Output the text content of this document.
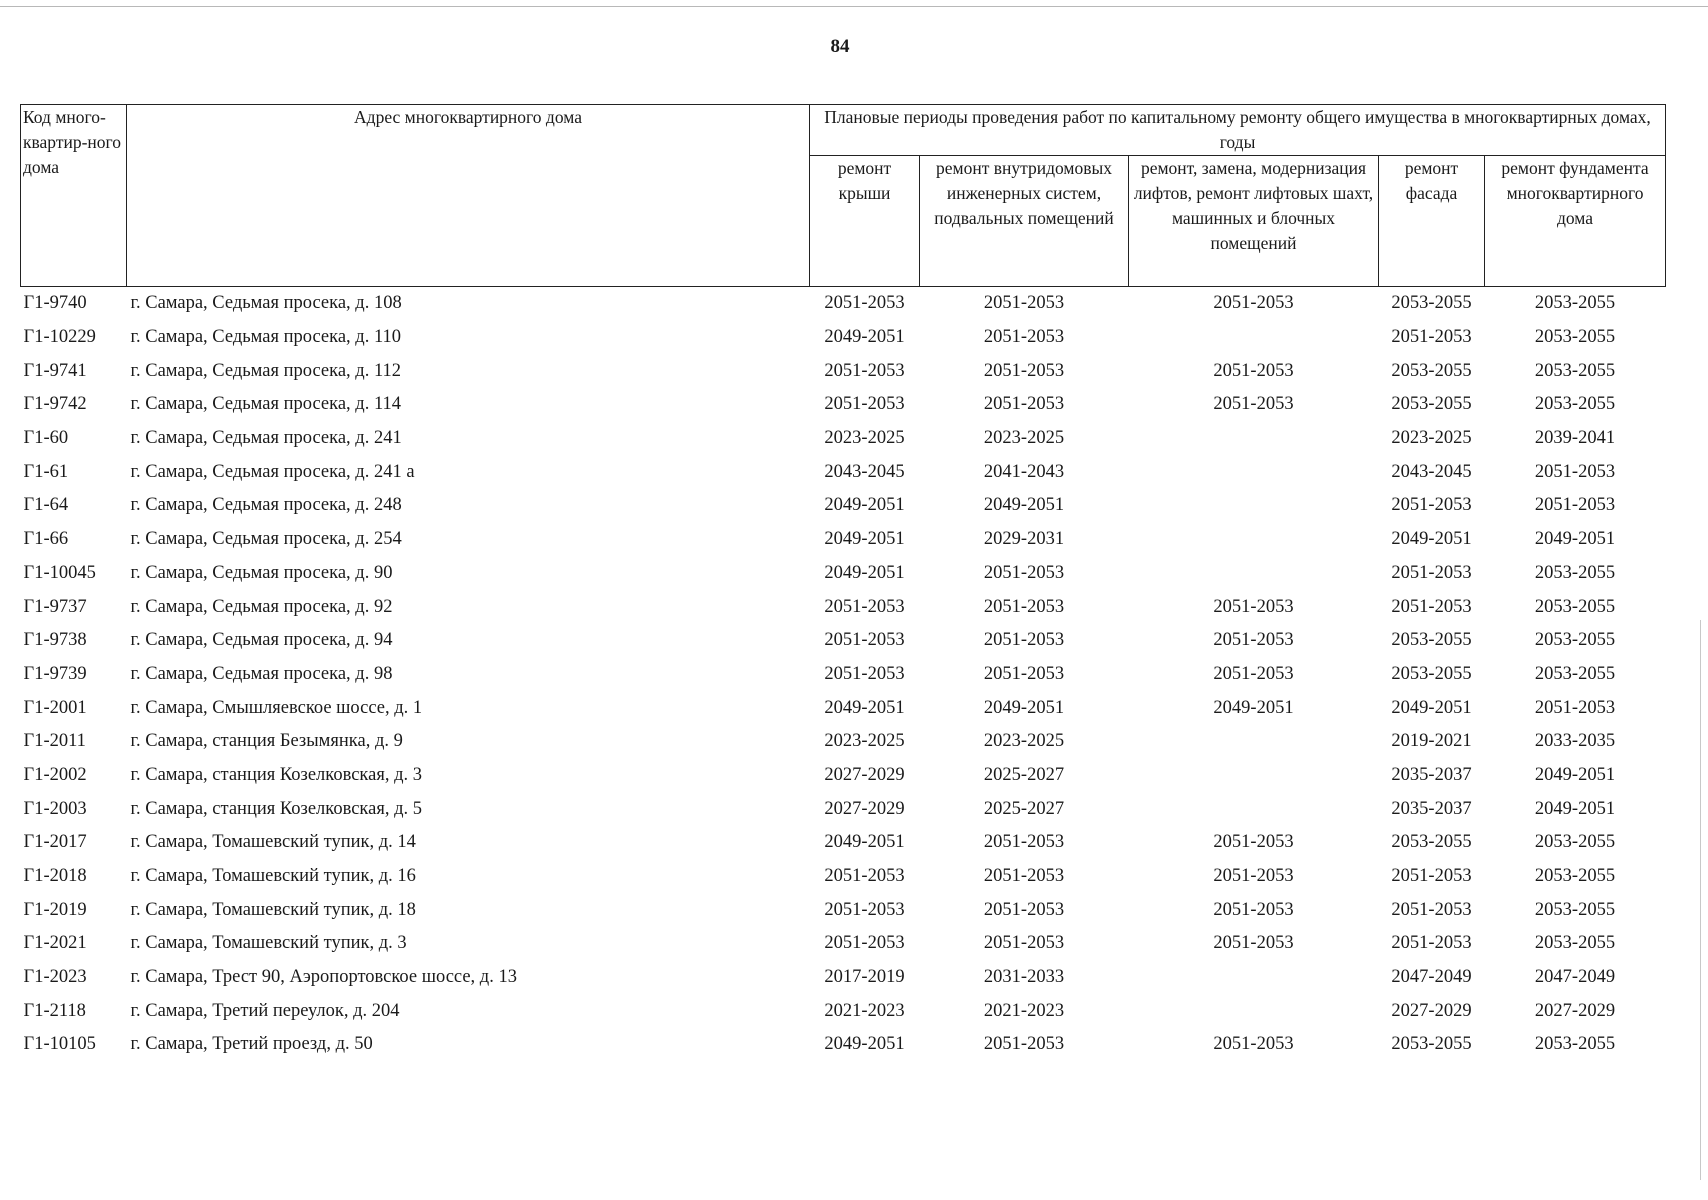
84
Код много-квартир-ного дома	Адрес многоквартирного дома	Плановые периоды проведения работ по капитальному ремонту общего имущества в многоквартирных домах, годы				
		ремонт крыши	ремонт внутридомовых инженерных систем, подвальных помещений	ремонт, замена, модернизация лифтов, ремонт лифтовых шахт, машинных и блочных помещений	ремонт фасада	ремонт фундамента многоквартирного дома
Г1-9740	г. Самара, Седьмая просека, д. 108	2051-2053	2051-2053	2051-2053	2053-2055	2053-2055
Г1-10229	г. Самара, Седьмая просека, д. 110	2049-2051	2051-2053		2051-2053	2053-2055
Г1-9741	г. Самара, Седьмая просека, д. 112	2051-2053	2051-2053	2051-2053	2053-2055	2053-2055
Г1-9742	г. Самара, Седьмая просека, д. 114	2051-2053	2051-2053	2051-2053	2053-2055	2053-2055
Г1-60	г. Самара, Седьмая просека, д. 241	2023-2025	2023-2025		2023-2025	2039-2041
Г1-61	г. Самара, Седьмая просека, д. 241 а	2043-2045	2041-2043		2043-2045	2051-2053
Г1-64	г. Самара, Седьмая просека, д. 248	2049-2051	2049-2051		2051-2053	2051-2053
Г1-66	г. Самара, Седьмая просека, д. 254	2049-2051	2029-2031		2049-2051	2049-2051
Г1-10045	г. Самара, Седьмая просека, д. 90	2049-2051	2051-2053		2051-2053	2053-2055
Г1-9737	г. Самара, Седьмая просека, д. 92	2051-2053	2051-2053	2051-2053	2051-2053	2053-2055
Г1-9738	г. Самара, Седьмая просека, д. 94	2051-2053	2051-2053	2051-2053	2053-2055	2053-2055
Г1-9739	г. Самара, Седьмая просека, д. 98	2051-2053	2051-2053	2051-2053	2053-2055	2053-2055
Г1-2001	г. Самара, Смышляевское шоссе, д. 1	2049-2051	2049-2051	2049-2051	2049-2051	2051-2053
Г1-2011	г. Самара, станция Безымянка, д. 9	2023-2025	2023-2025		2019-2021	2033-2035
Г1-2002	г. Самара, станция Козелковская, д. 3	2027-2029	2025-2027		2035-2037	2049-2051
Г1-2003	г. Самара, станция Козелковская, д. 5	2027-2029	2025-2027		2035-2037	2049-2051
Г1-2017	г. Самара, Томашевский тупик, д. 14	2049-2051	2051-2053	2051-2053	2053-2055	2053-2055
Г1-2018	г. Самара, Томашевский тупик, д. 16	2051-2053	2051-2053	2051-2053	2051-2053	2053-2055
Г1-2019	г. Самара, Томашевский тупик, д. 18	2051-2053	2051-2053	2051-2053	2051-2053	2053-2055
Г1-2021	г. Самара, Томашевский тупик, д. 3	2051-2053	2051-2053	2051-2053	2051-2053	2053-2055
Г1-2023	г. Самара, Трест 90, Аэропортовское шоссе, д. 13	2017-2019	2031-2033		2047-2049	2047-2049
Г1-2118	г. Самара, Третий переулок, д. 204	2021-2023	2021-2023		2027-2029	2027-2029
Г1-10105	г. Самара, Третий проезд, д. 50	2049-2051	2051-2053	2051-2053	2053-2055	2053-2055
